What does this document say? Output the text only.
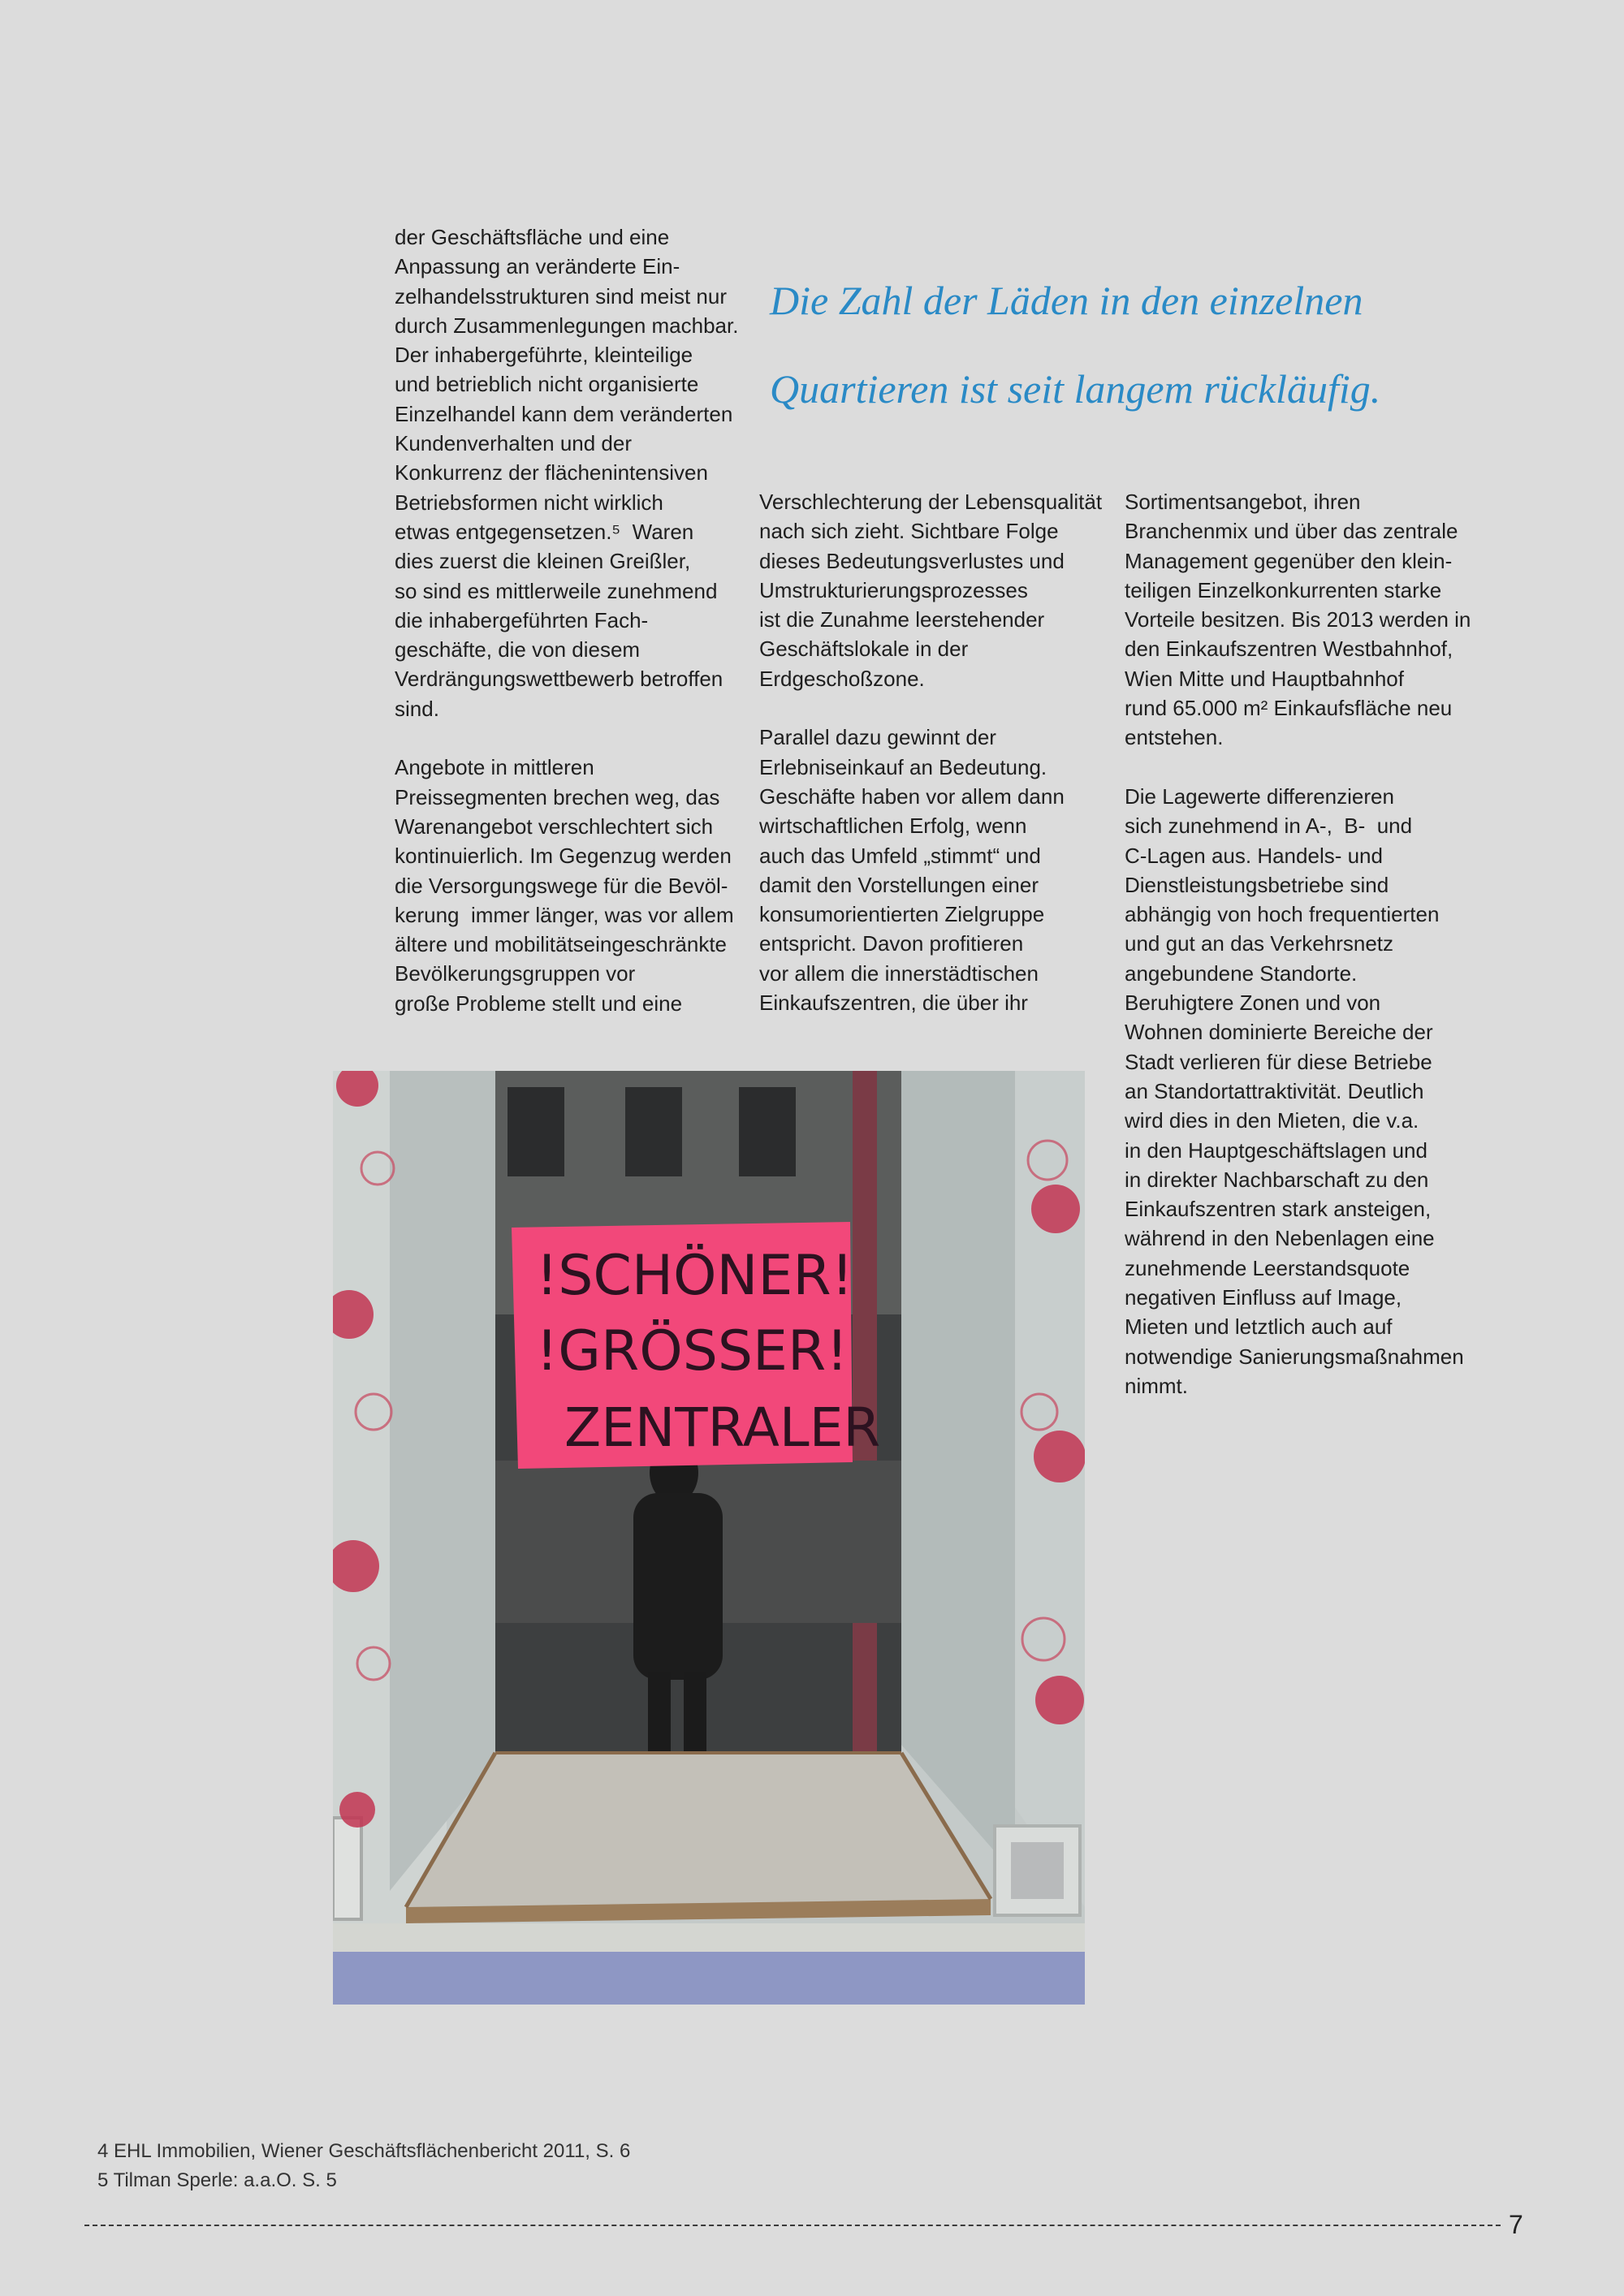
der Geschäftsfläche und eine
Anpassung an veränderte Ein-
zelhandelsstrukturen sind meist nur
durch Zusammenlegungen machbar.
Der inhabergeführte, kleinteilige
und betrieblich nicht organisierte
Einzelhandel kann dem veränderten
Kundenverhalten und der
Konkurrenz der flächenintensiven
Betriebsformen nicht wirklich
etwas entgegensetzen.⁵  Waren
dies zuerst die kleinen Greißler,
so sind es mittlerweile zunehmend
die inhabergeführten Fach-
geschäfte, die von diesem
Verdrängungswettbewerb betroffen
sind.

Angebote in mittleren
Preissegmenten brechen weg, das
Warenangebot verschlechtert sich
kontinuierlich. Im Gegenzug werden
die Versorgungswege für die Bevöl-
kerung  immer länger, was vor allem
ältere und mobilitätseingeschränkte
Bevölkerungsgruppen vor
große Probleme stellt und eine
Die Zahl der Läden in den einzelnen
Quartieren ist seit langem rückläufig.
Verschlechterung der Lebensqualität
nach sich zieht. Sichtbare Folge
dieses Bedeutungsverlustes und
Umstrukturierungsprozesses
ist die Zunahme leerstehender
Geschäftslokale in der
Erdgeschoßzone.

Parallel dazu gewinnt der
Erlebniseinkauf an Bedeutung.
Geschäfte haben vor allem dann
wirtschaftlichen Erfolg, wenn
auch das Umfeld „stimmt“ und
damit den Vorstellungen einer
konsumorientierten Zielgruppe
entspricht. Davon profitieren
vor allem die innerstädtischen
Einkaufszentren, die über ihr
Sortimentsangebot, ihren
Branchenmix und über das zentrale
Management gegenüber den klein-
teiligen Einzelkonkurrenten starke
Vorteile besitzen. Bis 2013 werden in
den Einkaufszentren Westbahnhof,
Wien Mitte und Hauptbahnhof
rund 65.000 m² Einkaufsfläche neu
entstehen.

Die Lagewerte differenzieren
sich zunehmend in A-,  B-  und
C-Lagen aus. Handels- und
Dienstleistungsbetriebe sind
abhängig von hoch frequentierten
und gut an das Verkehrsnetz
angebundene Standorte.
Beruhigtere Zonen und von
Wohnen dominierte Bereiche der
Stadt verlieren für diese Betriebe
an Standortattraktivität. Deutlich
wird dies in den Mieten, die v.a.
in den Hauptgeschäftslagen und
in direkter Nachbarschaft zu den
Einkaufszentren stark ansteigen,
während in den Nebenlagen eine
zunehmende Leerstandsquote
negativen Einfluss auf Image,
Mieten und letztlich auch auf
notwendige Sanierungsmaßnahmen
nimmt.
!SCHÖNER!
!GRÖSSER!
ZENTRALER
4 EHL Immobilien, Wiener Geschäftsflächenbericht 2011, S. 6
5 Tilman Sperle: a.a.O. S. 5
7
